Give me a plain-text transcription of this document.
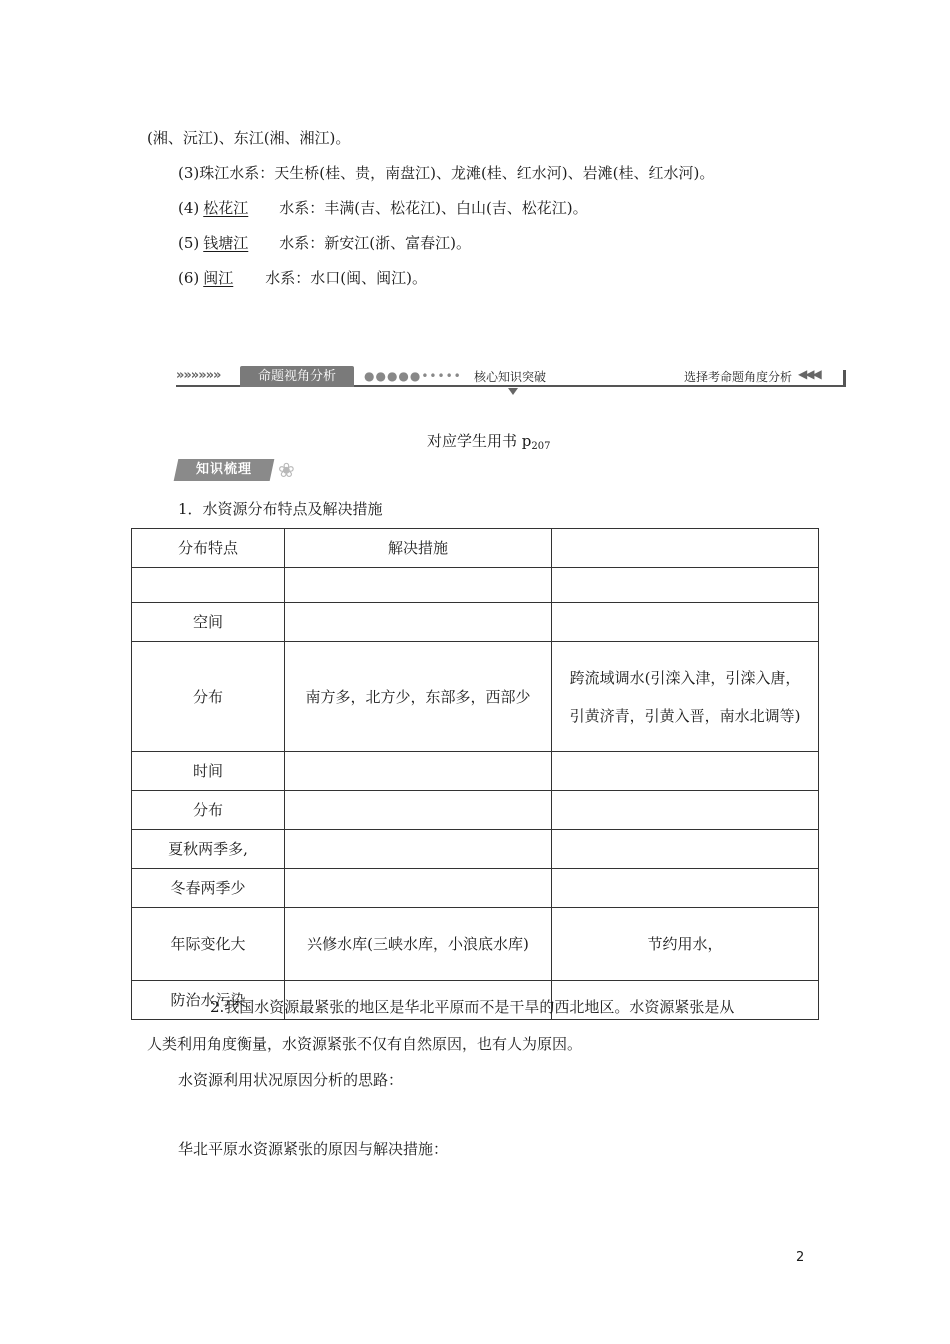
(湘、沅江)、东江(湘、湘江)。
(3)珠江水系：天生桥(桂、贵，南盘江)、龙滩(桂、红水河)、岩滩(桂、红水河)。
(4) 松花江 水系：丰满(吉、松花江)、白山(吉、松花江)。
(5) 钱塘江 水系：新安江(浙、富春江)。
(6) 闽江 水系：水口(闽、闽江)。
»»»»»»	命题视角分析	●●●●●••••• 核心知识突破	选择考命题角度分析 ◀◀◀
对应学生用书 $p_{207}$
知识梳理	❀
1．水资源分布特点及解决措施
分布特点	解决措施	

空间		
分布	南方多，北方少，东部多，西部少	跨流域调水(引滦入津，引滦入唐，引黄济青，引黄入晋，南水北调等)
时间		
分布		
夏秋两季多,		
冬春两季少		
年际变化大	兴修水库(三峡水库，小浪底水库)	节约用水，
防治水污染		
2.我国水资源最紧张的地区是华北平原而不是干旱的西北地区。水资源紧张是从
人类利用角度衡量，水资源紧张不仅有自然原因，也有人为原因。
水资源利用状况原因分析的思路：
华北平原水资源紧张的原因与解决措施：
2
